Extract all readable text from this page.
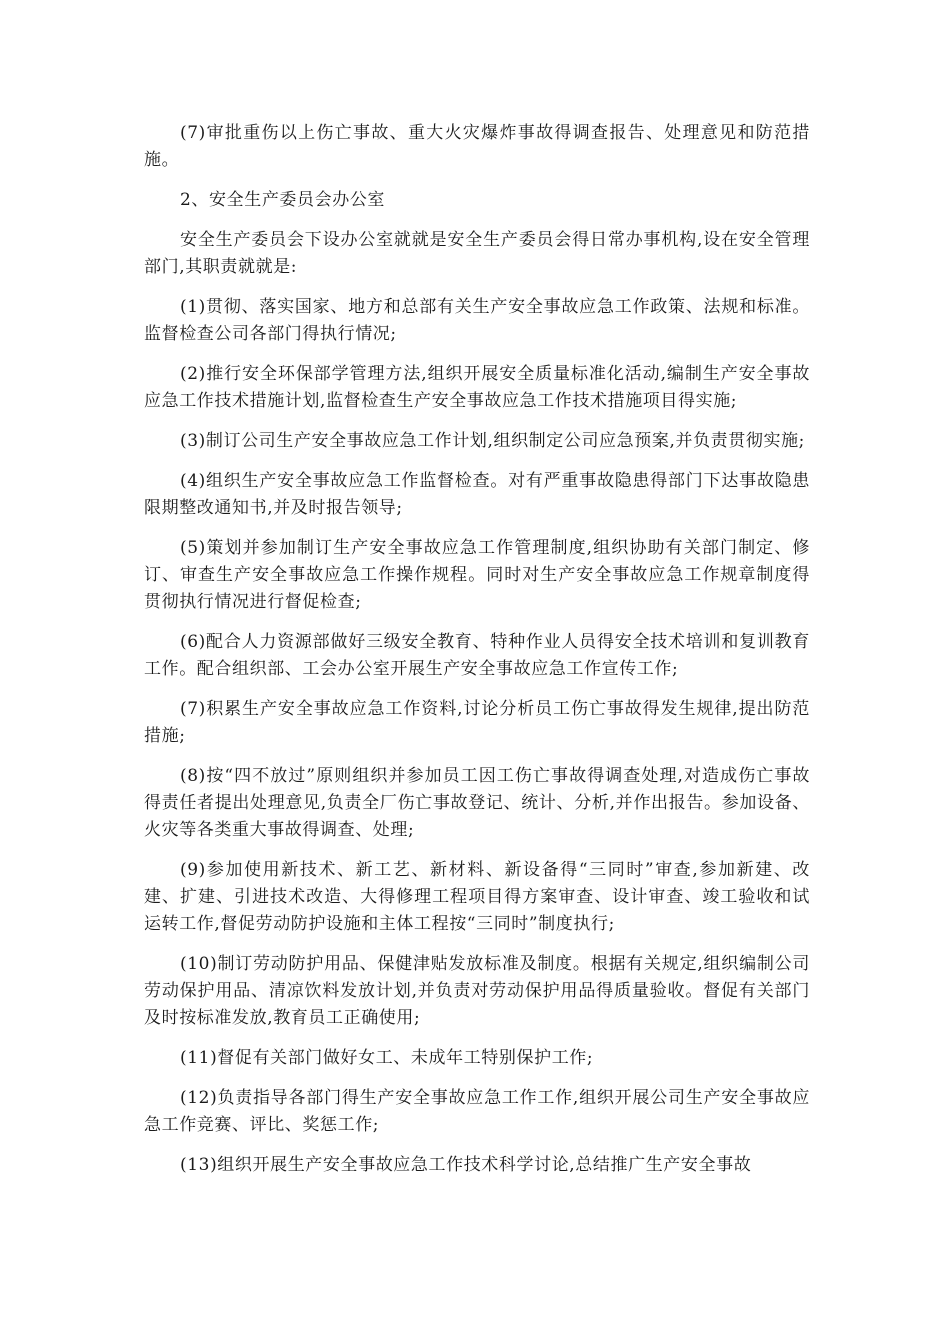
(7)审批重伤以上伤亡事故、重大火灾爆炸事故得调查报告、处理意见和防范措施。

2、安全生产委员会办公室

安全生产委员会下设办公室就就是安全生产委员会得日常办事机构,设在安全管理部门,其职责就就是:

(1)贯彻、落实国家、地方和总部有关生产安全事故应急工作政策、法规和标准。监督检查公司各部门得执行情况;

(2)推行安全环保部学管理方法,组织开展安全质量标准化活动,编制生产安全事故应急工作技术措施计划,监督检查生产安全事故应急工作技术措施项目得实施;

(3)制订公司生产安全事故应急工作计划,组织制定公司应急预案,并负责贯彻实施;

(4)组织生产安全事故应急工作监督检查。对有严重事故隐患得部门下达事故隐患限期整改通知书,并及时报告领导;

(5)策划并参加制订生产安全事故应急工作管理制度,组织协助有关部门制定、修订、审查生产安全事故应急工作操作规程。同时对生产安全事故应急工作规章制度得贯彻执行情况进行督促检查;

(6)配合人力资源部做好三级安全教育、特种作业人员得安全技术培训和复训教育工作。配合组织部、工会办公室开展生产安全事故应急工作宣传工作;

(7)积累生产安全事故应急工作资料,讨论分析员工伤亡事故得发生规律,提出防范措施;

(8)按“四不放过”原则组织并参加员工因工伤亡事故得调查处理,对造成伤亡事故得责任者提出处理意见,负责全厂伤亡事故登记、统计、分析,并作出报告。参加设备、火灾等各类重大事故得调查、处理;

(9)参加使用新技术、新工艺、新材料、新设备得“三同时”审查,参加新建、改建、扩建、引进技术改造、大得修理工程项目得方案审查、设计审查、竣工验收和试运转工作,督促劳动防护设施和主体工程按“三同时”制度执行;

(10)制订劳动防护用品、保健津贴发放标准及制度。根据有关规定,组织编制公司劳动保护用品、清凉饮料发放计划,并负责对劳动保护用品得质量验收。督促有关部门及时按标准发放,教育员工正确使用;

(11)督促有关部门做好女工、未成年工特别保护工作;

(12)负责指导各部门得生产安全事故应急工作工作,组织开展公司生产安全事故应急工作竞赛、评比、奖惩工作;

(13)组织开展生产安全事故应急工作技术科学讨论,总结推广生产安全事故
